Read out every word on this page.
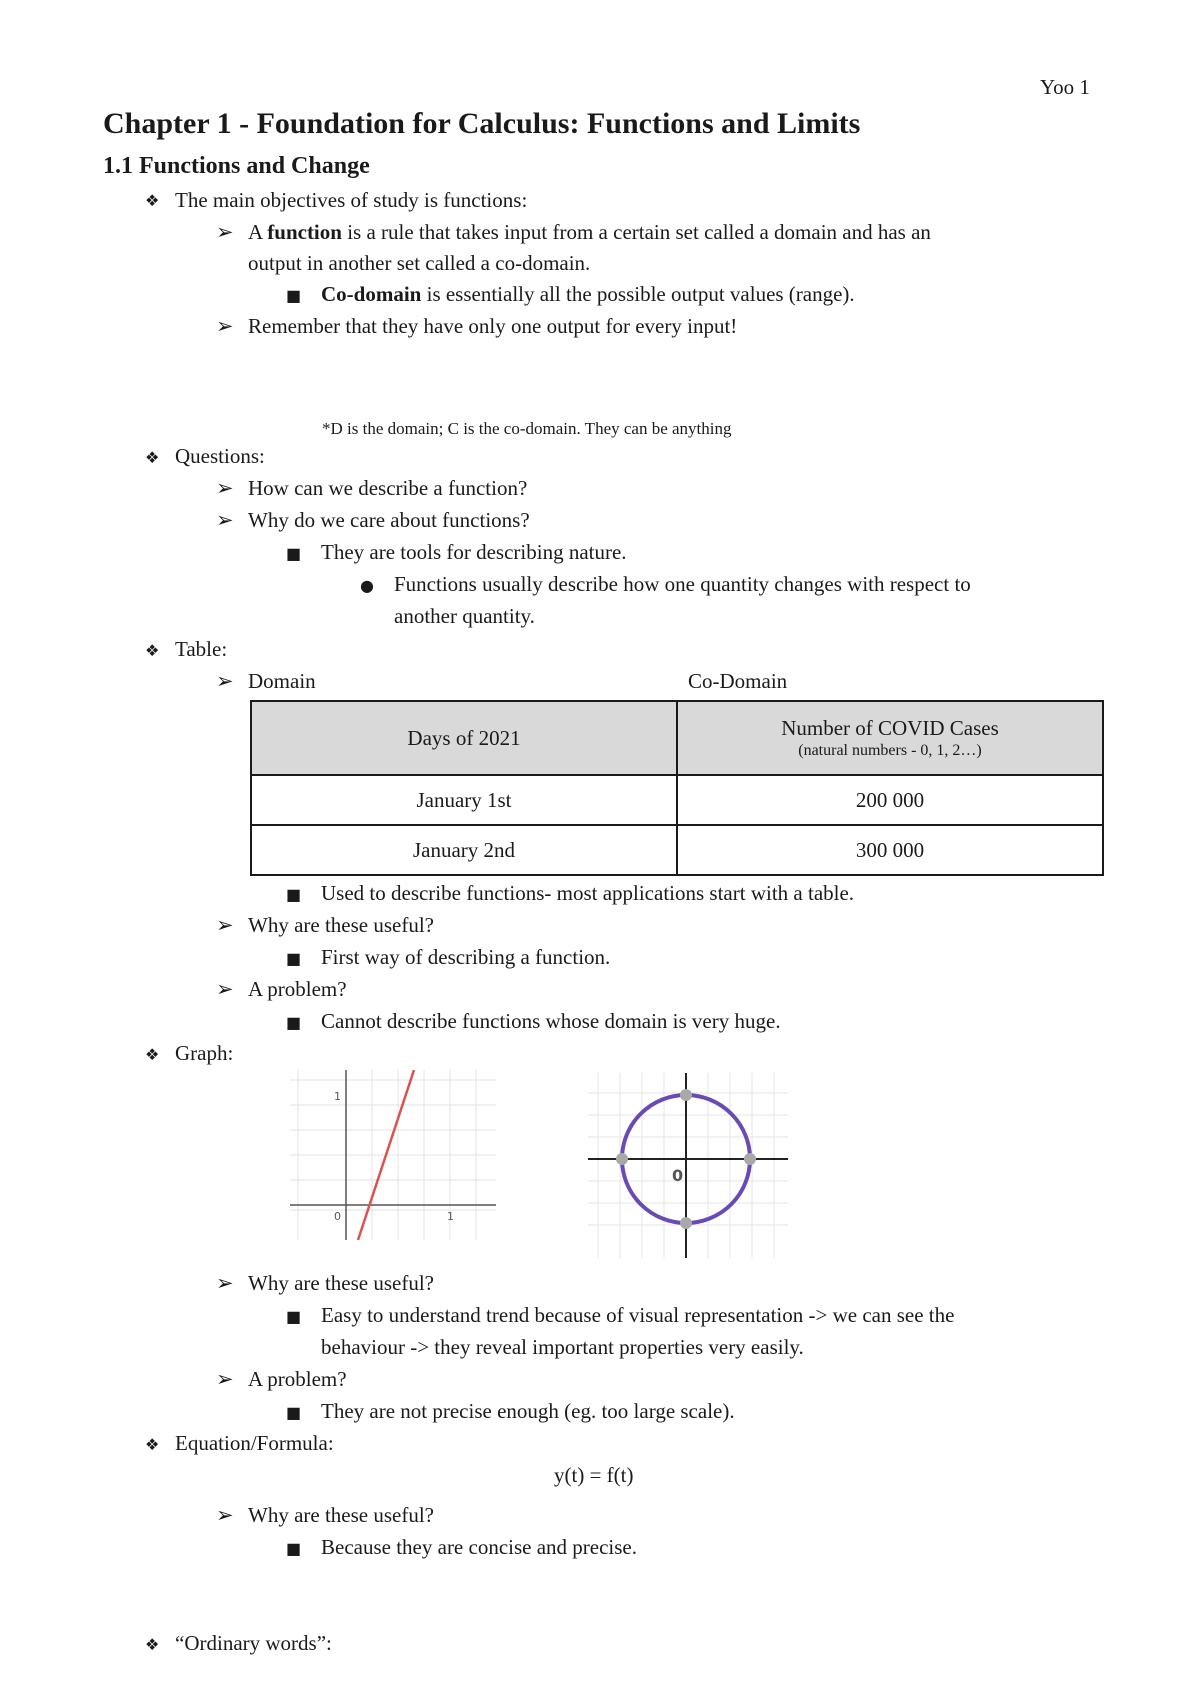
Yoo 1
Chapter 1 - Foundation for Calculus: Functions and Limits
1.1 Functions and Change
❖ The main objectives of study is functions:
➢ A function is a rule that takes input from a certain set called a domain and has an
output in another set called a co-domain.
■ Co-domain is essentially all the possible output values (range).
➢ Remember that they have only one output for every input!
*D is the domain; C is the co-domain. They can be anything
❖ Questions:
➢ How can we describe a function?
➢ Why do we care about functions?
■ They are tools for describing nature.
● Functions usually describe how one quantity changes with respect to
another quantity.
❖ Table:
➢ Domain	Co-Domain
Days of 2021	Number of COVID Cases
(natural numbers - 0, 1, 2…)

January 1st	200 000
January 2nd	300 000
■ Used to describe functions- most applications start with a table.
➢ Why are these useful?
■ First way of describing a function.
➢ A problem?
■ Cannot describe functions whose domain is very huge.
❖ Graph:
1
0	1
0
➢ Why are these useful?
■ Easy to understand trend because of visual representation -> we can see the
behaviour -> they reveal important properties very easily.
➢ A problem?
■ They are not precise enough (eg. too large scale).
❖ Equation/Formula:
y(t) = f(t)
➢ Why are these useful?
■ Because they are concise and precise.
❖ “Ordinary words”:
